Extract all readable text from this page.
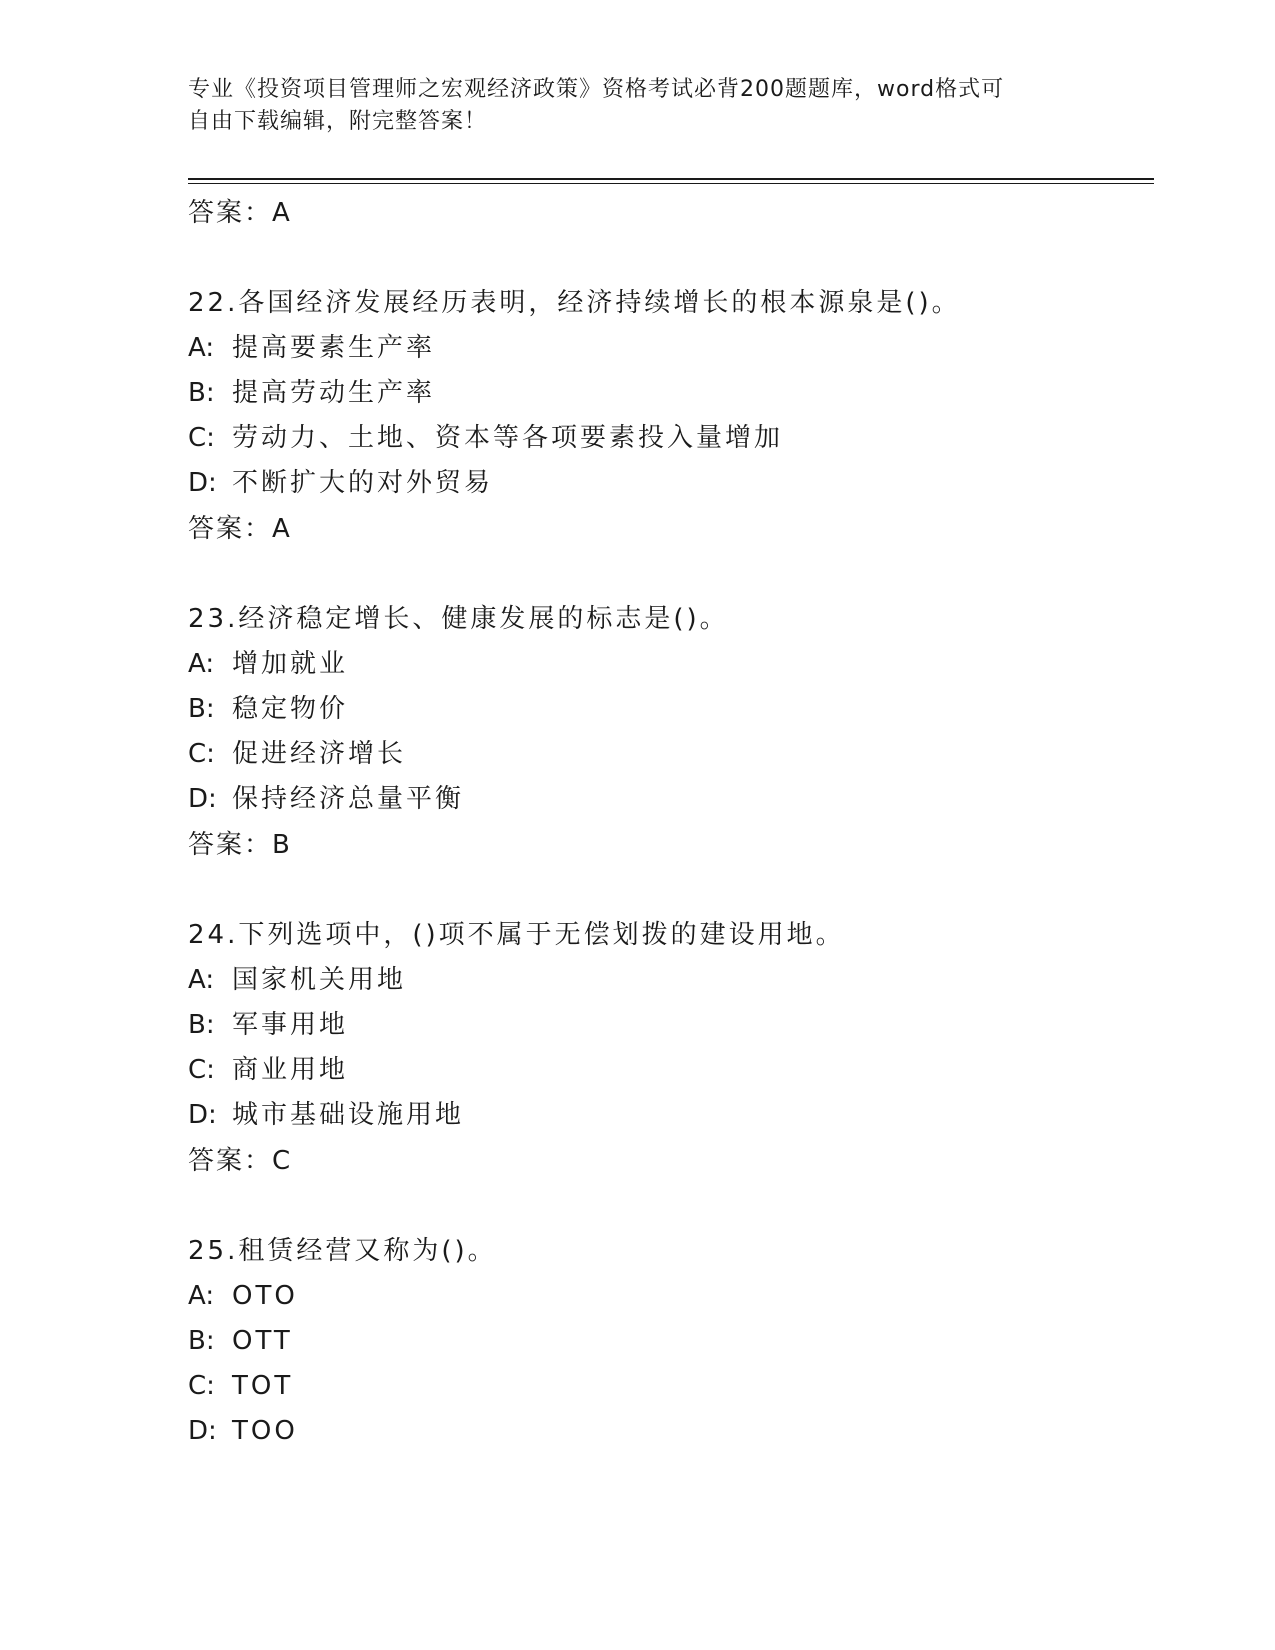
专业《投资项目管理师之宏观经济政策》资格考试必背200题题库，word格式可
自由下载编辑，附完整答案！
答案：A
22.各国经济发展经历表明，经济持续增长的根本源泉是()。
A: 提高要素生产率
B: 提高劳动生产率
C: 劳动力、土地、资本等各项要素投入量增加
D: 不断扩大的对外贸易
答案：A
23.经济稳定增长、健康发展的标志是()。
A: 增加就业
B: 稳定物价
C: 促进经济增长
D: 保持经济总量平衡
答案：B
24.下列选项中，()项不属于无偿划拨的建设用地。
A: 国家机关用地
B: 军事用地
C: 商业用地
D: 城市基础设施用地
答案：C
25.租赁经营又称为()。
A: OTO
B: OTT
C: TOT
D: TOO
